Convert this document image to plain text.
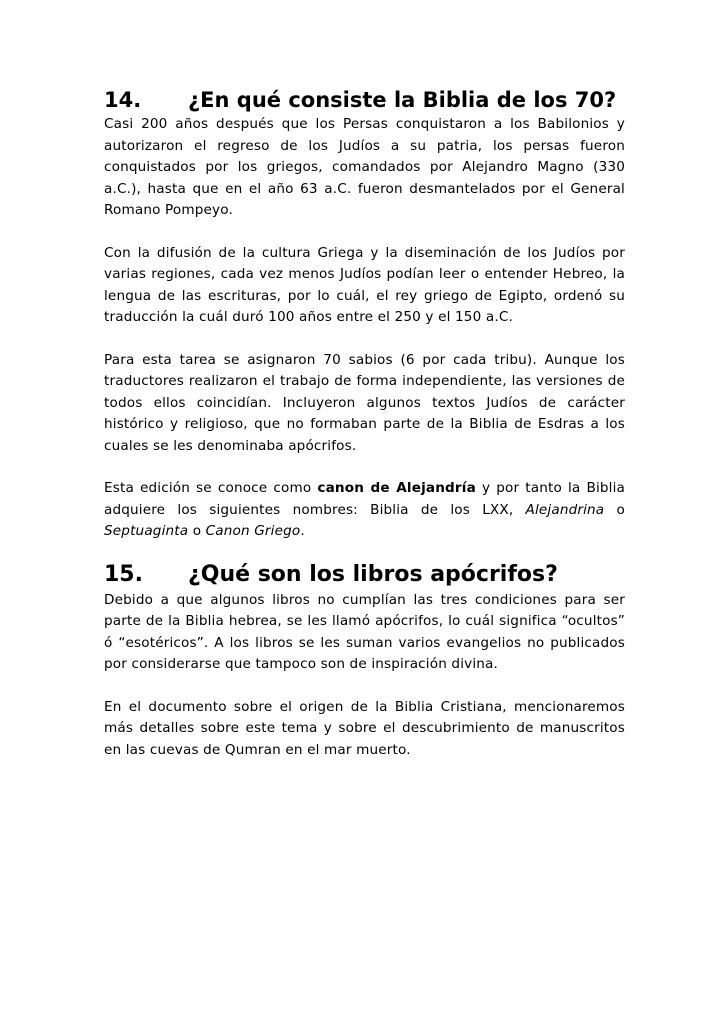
14.	¿En qué consiste la Biblia de los 70?

Casi 200 años después que los Persas conquistaron a los Babilonios y autorizaron el regreso de los Judíos a su patria, los persas fueron conquistados por los griegos, comandados por Alejandro Magno (330 a.C.), hasta que en el año 63 a.C. fueron desmantelados por el General Romano Pompeyo.

Con la difusión de la cultura Griega y la diseminación de los Judíos por varias regiones, cada vez menos Judíos podían leer o entender Hebreo, la lengua de las escrituras, por lo cuál, el rey griego de Egipto, ordenó su traducción la cuál duró 100 años entre el 250 y el 150 a.C.

Para esta tarea se asignaron 70 sabios (6 por cada tribu). Aunque los traductores realizaron el trabajo de forma independiente, las versiones de todos ellos coincidían. Incluyeron algunos textos Judíos de carácter histórico y religioso, que no formaban parte de la Biblia de Esdras a los cuales se les denominaba apócrifos.

Esta edición se conoce como canon de Alejandría y por tanto la Biblia adquiere los siguientes nombres: Biblia de los LXX, Alejandrina o Septuaginta o Canon Griego.

15.	¿Qué son los libros apócrifos?

Debido a que algunos libros no cumplían las tres condiciones para ser parte de la Biblia hebrea, se les llamó apócrifos, lo cuál significa “ocultos” ó “esotéricos”. A los libros se les suman varios evangelios no publicados por considerarse que tampoco son de inspiración divina.

En el documento sobre el origen de la Biblia Cristiana, mencionaremos más detalles sobre este tema y sobre el descubrimiento de manuscritos en las cuevas de Qumran en el mar muerto.
